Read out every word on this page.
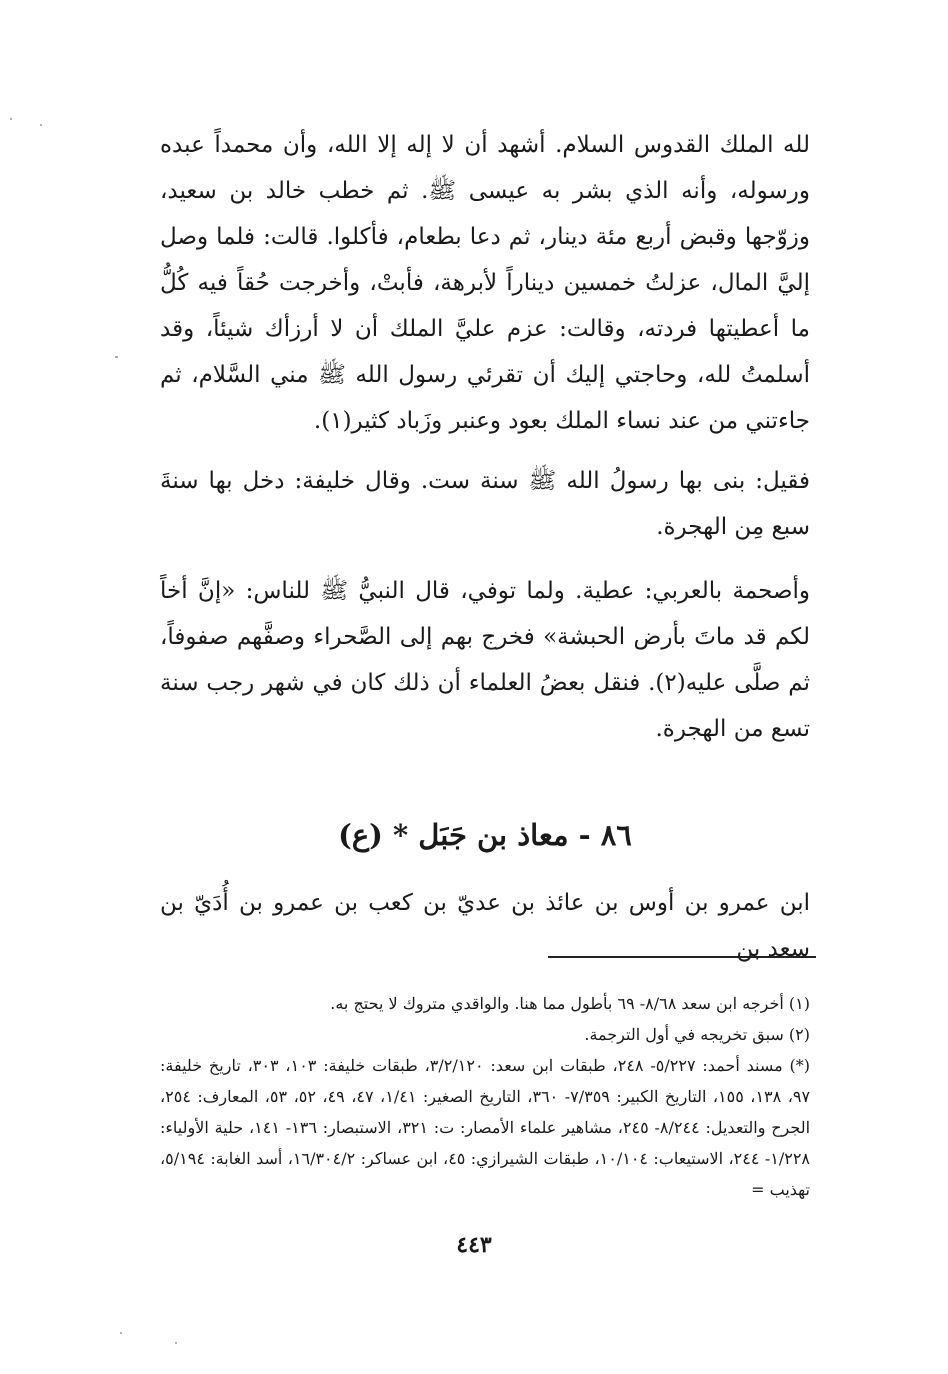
لله الملك القدوس السلام. أشهد أن لا إله إلا الله، وأن محمداً عبده ورسوله، وأنه الذي بشر به عيسى ﷺ. ثم خطب خالد بن سعيد، وزوّجها وقبض أربع مئة دينار، ثم دعا بطعام، فأكلوا. قالت: فلما وصل إليَّ المال، عزلتُ خمسين ديناراً لأبرهة، فأبتْ، وأخرجت حُقاً فيه كُلُّ ما أعطيتها فردته، وقالت: عزم عليَّ الملك أن لا أرزأك شيئاً، وقد أسلمتُ لله، وحاجتي إليك أن تقرئي رسول الله ﷺ مني السَّلام، ثم جاءتني من عند نساء الملك بعود وعنبر وزَباد كثير(١).

فقيل: بنى بها رسولُ الله ﷺ سنة ست. وقال خليفة: دخل بها سنةَ سبع مِن الهجرة.

وأصحمة بالعربي: عطية. ولما توفي، قال النبيُّ ﷺ للناس: «إنَّ أخاً لكم قد ماتَ بأرض الحبشة» فخرج بهم إلى الصَّحراء وصفَّهم صفوفاً، ثم صلَّى عليه(٢). فنقل بعضُ العلماء أن ذلك كان في شهر رجب سنة تسع من الهجرة.

٨٦ - معاذ بن جَبَل * (ع)
ابن عمرو بن أوس بن عائذ بن عديّ بن كعب بن عمرو بن أُدَيّ بن سعد بن

(١) أخرجه ابن سعد ٨/٦٨- ٦٩ بأطول مما هنا. والواقدي متروك لا يحتج به.

(٢) سبق تخريجه في أول الترجمة.

(*) مسند أحمد: ٥/٢٢٧- ٢٤٨، طبقات ابن سعد: ٣/٢/١٢٠، طبقات خليفة: ١٠٣، ٣٠٣، تاريخ خليفة: ٩٧، ١٣٨، ١٥٥، التاريخ الكبير: ٧/٣٥٩- ٣٦٠، التاريخ الصغير: ١/٤١، ٤٧، ٤٩، ٥٢، ٥٣، المعارف: ٢٥٤، الجرح والتعديل: ٨/٢٤٤- ٢٤٥، مشاهير علماء الأمصار: ت: ٣٢١، الاستبصار: ١٣٦- ١٤١، حلية الأولياء: ١/٢٢٨- ٢٤٤، الاستيعاب: ١٠/١٠٤، طبقات الشيرازي: ٤٥، ابن عساكر: ١٦/٣٠٤/٢، أسد الغابة: ٥/١٩٤، تهذيب =

٤٤٣
